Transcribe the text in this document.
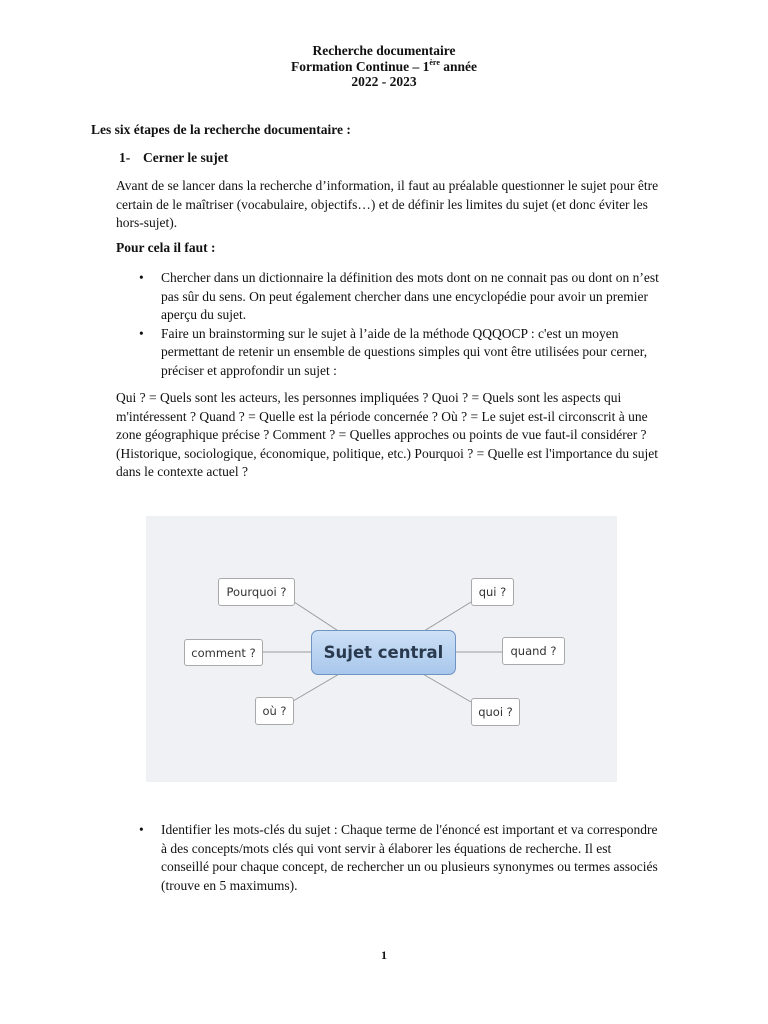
Recherche documentaire
Formation Continue – 1ère année
2022 - 2023
Les six étapes de la recherche documentaire :
1- Cerner le sujet
Avant de se lancer dans la recherche d’information, il faut au préalable questionner le sujet pour être certain de le maîtriser (vocabulaire, objectifs…) et de définir les limites du sujet (et donc éviter les hors-sujet).
Pour cela il faut :
• Chercher dans un dictionnaire la définition des mots dont on ne connait pas ou dont on n’est pas sûr du sens. On peut également chercher dans une encyclopédie pour avoir un premier aperçu du sujet.
• Faire un brainstorming sur le sujet à l’aide de la méthode QQQOCP : c'est un moyen permettant de retenir un ensemble de questions simples qui vont être utilisées pour cerner, préciser et approfondir un sujet :
Qui ? = Quels sont les acteurs, les personnes impliquées ? Quoi ? = Quels sont les aspects qui m'intéressent ? Quand ? = Quelle est la période concernée ? Où ? = Le sujet est-il circonscrit à une zone géographique précise ? Comment ? = Quelles approches ou points de vue faut-il considérer ? (Historique, sociologique, économique, politique, etc.) Pourquoi ? = Quelle est l'importance du sujet dans le contexte actuel ?
Pourquoi ?
comment ?
où ?
Sujet central
qui ?
quand ?
quoi ?
• Identifier les mots-clés du sujet : Chaque terme de l'énoncé est important et va correspondre à des concepts/mots clés qui vont servir à élaborer les équations de recherche. Il est conseillé pour chaque concept, de rechercher un ou plusieurs synonymes ou termes associés (trouve en 5 maximums).
1
